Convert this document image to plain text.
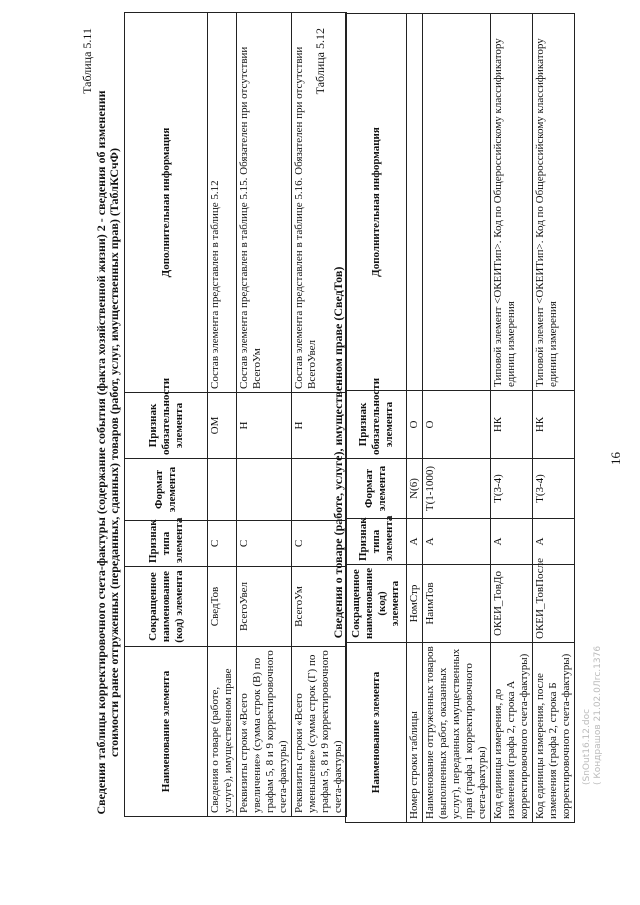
16
Таблица 5.11
Сведения таблицы корректировочного счета-фактуры (содержание события (факта хозяйственной жизни) 2 - сведения об изменении стоимости ранее отгруженных (переданных, сданных) товаров (работ, услуг, имущественных прав) (ТаблКСчФ)	Наименование элемента	Сокращенное наименование (код) элемента	Признак типа элемента	Формат элемента	Признак обязательности элемента	Дополнительная информация
Сведения о товаре (работе, услуге), имущественном праве	СведТов	С		ОМ	Состав элемента представлен в таблице 5.12
Реквизиты строки «Всего увеличение» (сумма строк (В) по графам 5, 8 и 9 корректировочного счета-фактуры)	ВсегоУвел	С		Н	Состав элемента представлен в таблице 5.15. Обязателен при отсутствии ВсегоУм
Реквизиты строки «Всего уменьшение» (сумма строк (Г) по графам 5, 8 и 9 корректировочного счета-фактуры)	ВсегоУм	С		Н	Состав элемента представлен в таблице 5.16. Обязателен при отсутствии ВсегоУвел
Таблица 5.12
Сведения о товаре (работе, услуге), имущественном праве (СведТов)
Наименование элемента	Сокращенное наименование (код) элемента	Признак типа элемента	Формат элемента	Признак обязательности элемента	Дополнительная информация
Номер строки таблицы	НомСтр	А	N(6)	О	
Наименование отгруженных товаров (выполненных работ, оказанных услуг), переданных имущественных прав (графа 1 корректировочного счета-фактуры)	НаимТов	А	T(1-1000)	О	
Код единицы измерения, до изменения (графа 2, строка А корректировочного счета-фактуры)	ОКЕИ_ТовДо	А	T(3-4)	НК	Типовой элемент <ОКЕИТип>. Код по Общероссийскому классификатору единиц измерения
Код единицы измерения, после изменения (графа 2, строка Б корректировочного счета-фактуры)	ОКЕИ_ТовПосле	А	T(3-4)	НК	Типовой элемент <ОКЕИТип>. Код по Общероссийскому классификатору единиц измерения
(SnOut16.12.doc ( Кондрашов 21.02.0Лrс.1376
